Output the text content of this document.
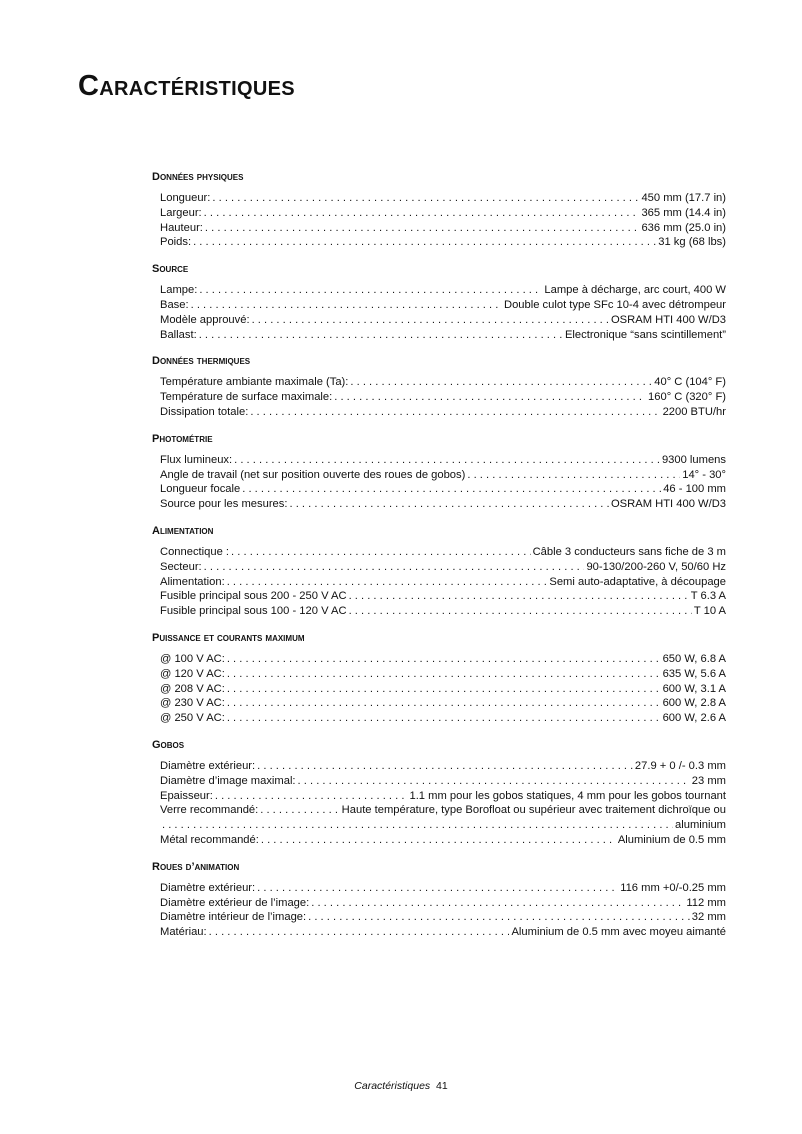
Caractéristiques
Données physiques
Longueur: . . .	450 mm (17.7 in)
Largeur: . . .	365 mm (14.4 in)
Hauteur: . . .	636 mm (25.0 in)
Poids: . . .	31 kg (68 lbs)
Source
Lampe: . . .	Lampe à décharge, arc court, 400 W
Base: . . .	Double culot type SFc 10-4 avec détrompeur
Modèle approuvé: . . .	OSRAM HTI 400 W/D3
Ballast: . . .	Electronique “sans scintillement”
Données thermiques
Température ambiante maximale (Ta): . . .	40° C (104° F)
Température de surface maximale: . . .	160° C (320° F)
Dissipation totale: . . .	2200 BTU/hr
Photométrie
Flux lumineux: . . .	9300 lumens
Angle de travail (net sur position ouverte des roues de gobos) . . .	14° - 30°
Longueur focale . . .	46 - 100 mm
Source pour les mesures: . . .	OSRAM HTI 400 W/D3
Alimentation
Connectique : . . .	Câble 3 conducteurs sans fiche de 3 m
Secteur: . . .	90-130/200-260 V, 50/60 Hz
Alimentation: . . .	Semi auto-adaptative, à découpage
Fusible principal sous 200 - 250 V AC . . .	T 6.3 A
Fusible principal sous 100 - 120 V AC . . .	T 10 A
Puissance et courants maximum
@ 100 V AC: . . .	650 W, 6.8 A
@ 120 V AC: . . .	635 W, 5.6 A
@ 208 V AC: . . .	600 W, 3.1 A
@ 230 V AC: . . .	600 W, 2.8 A
@ 250 V AC: . . .	600 W, 2.6 A
Gobos
Diamètre extérieur: . . .	27.9 + 0 /- 0.3 mm
Diamètre d’image maximal: . . .	23 mm
Epaisseur: . . .	1.1 mm pour les gobos statiques, 4 mm pour les gobos tournant
Verre recommandé: . . .	Haute température, type Borofloat ou supérieur avec traitement dichroïque ou
. . .
aluminium
Métal recommandé: . . .	Aluminium de 0.5 mm
Roues d’animation
Diamètre extérieur: . . .	116 mm +0/-0.25 mm
Diamètre extérieur de l’image: . . .	112 mm
Diamètre intérieur de l’image: . . .	32 mm
Matériau: . . .	Aluminium de 0.5 mm avec moyeu aimanté
Caractéristiques 41
